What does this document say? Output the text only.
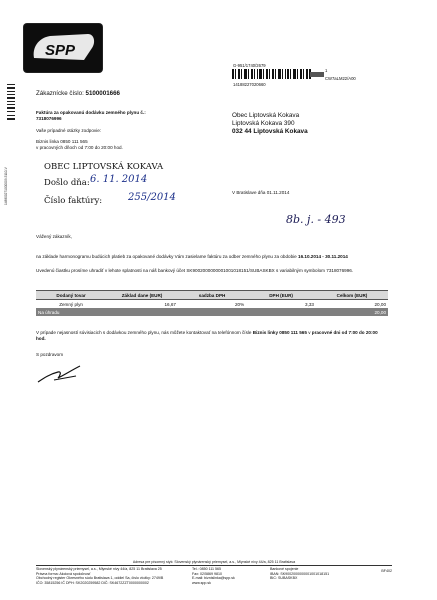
SPP
148800271000009-5110-V
G-951/1740/2679
1
14188227020660
CW7aLM22/A00
Zákaznícke číslo: 5100001666
Faktúra za opakovanú dodávku zemného plynu č.:
7318076996
Vaše prípadné otázky zodpovie:
Biznis linka 0850 111 565
v pracovných dňoch od 7:00 do 20:00 hod.
Obec Liptovská Kokava
Liptovská Kokava 390
032 44 Liptovská Kokava
OBEC LIPTOVSKÁ KOKAVA
Došlo dňa: 6. 11. 2014
Číslo faktúry:	255/2014	V Bratislave dňa 01.11.2014
8b. j. - 493
Vážený zákazník,
na základe harmonogramu budúcich platieb za opakované dodávky Vám zasielame faktúru za odber zemného plynu za obdobie 16.10.2014 - 30.11.2014
Uvedenú čiastku prosíme uhradiť v lehote splatnosti na náš bankový účet SK9002000000001001018151/SUBASKBX s variabilným symbolom 7318076996.
Dodaný tovar	Základ dane (EUR)	sadzba DPH	DPH (EUR)	Celkom (EUR)
Zemný plyn	16,67	20%	3,33	20,00
Na úhradu				20,00
V prípade nejasností súvisiacich s dodávkou zemného plynu, nás môžete kontaktovať na telefónnom čísle Biznis linky 0850 111 565 v pracovné dni od 7:00 do 20:00 hod.
S pozdravom
Adresa pre písomný styk: Slovenský plynárenský priemysel, a.s., Mlynské nivy 44/a, 825 11 Bratislava
Slovenský plynárenský priemysel, a.s., Mlynské nivy 44/a, 825 11 Bratislava 25
Právna forma: Akciová spoločnosť
Obchodný register Okresného súdu Bratislava 1, oddiel Sa, číslo vložky: 2749/B
IČO: 35815256 IČ DPH: SK2020259582 DIČ: SK4672ZZT0000000002
Tel.: 0850 111 565
Fax: 02/5869 9810
E-mail: biznislinka@spp.sk
www.spp.sk
Bankové spojenie
IBAN: SK9002000000001001018151
BIC: SUBASKBX
BF402
